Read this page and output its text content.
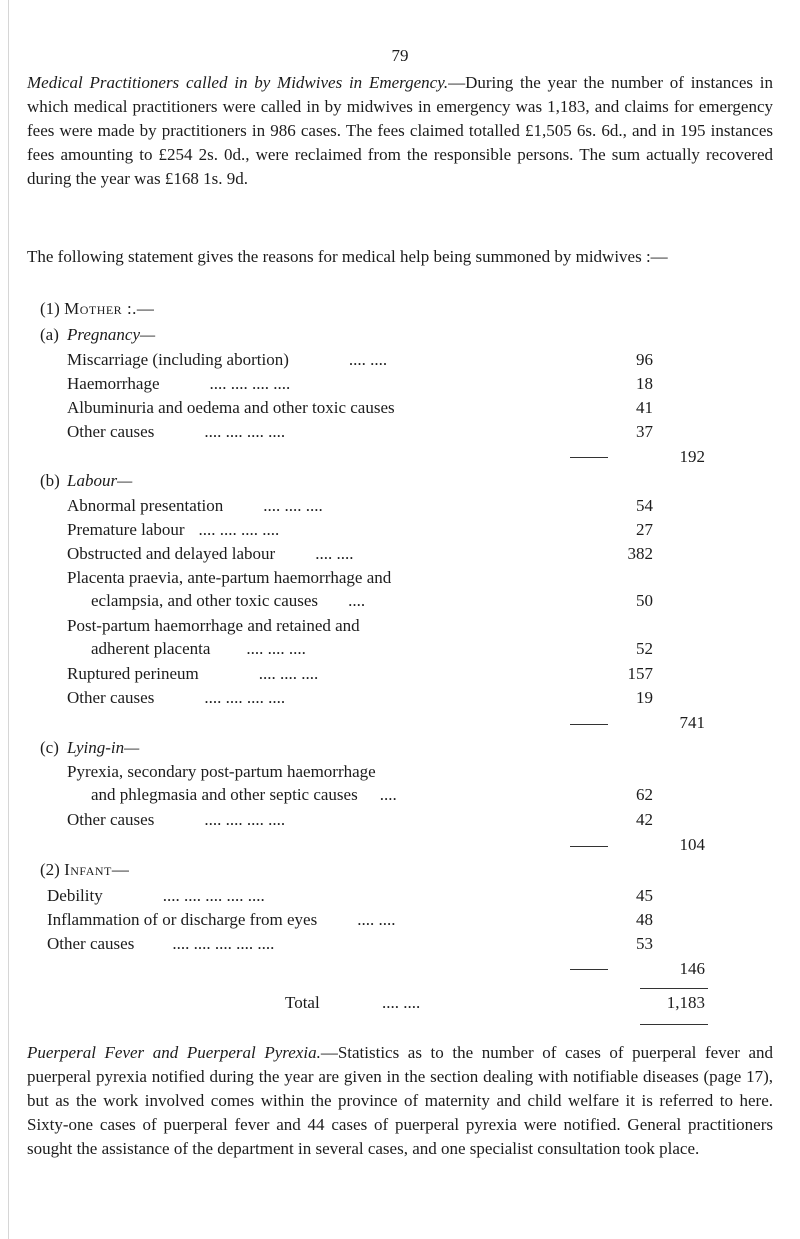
79
Medical Practitioners called in by Midwives in Emergency.—During the year the number of instances in which medical practitioners were called in by midwives in emergency was 1,183, and claims for emergency fees were made by practitioners in 986 cases. The fees claimed totalled £1,505 6s. 6d., and in 195 instances fees amounting to £254 2s. 0d., were reclaimed from the responsible persons. The sum actually recovered during the year was £168 1s. 9d.
The following statement gives the reasons for medical help being summoned by midwives :—
(1) Mother :.—
(a) Pregnancy—
Miscarriage (including abortion)	.... ....	96
Haemorrhage	.... .... .... ....	18
Albuminuria and oedema and other toxic causes	41
Other causes	.... .... .... ....	37
192
(b) Labour—
Abnormal presentation .... .... ....	54
Premature labour .... .... .... ....	27
Obstructed and delayed labour .... ....	382
Placenta praevia, ante-partum haemorrhage and
eclampsia, and other toxic causes ....	50
Post-partum haemorrhage and retained and
adherent placenta .... .... ....	52
Ruptured perineum	.... .... ....	157
Other causes	.... .... .... ....	19
741
(c) Lying-in—
Pyrexia, secondary post-partum haemorrhage
and phlegmasia and other septic causes ....	62
Other causes	.... .... .... ....	42
104
(2) Infant—
Debility	.... .... .... .... ....	45
Inflammation of or discharge from eyes .... ....	48
Other causes .... .... .... .... ....	53
146
Total	.... ....	1,183
Puerperal Fever and Puerperal Pyrexia.—Statistics as to the number of cases of puerperal fever and puerperal pyrexia notified during the year are given in the section dealing with notifiable diseases (page 17), but as the work involved comes within the province of maternity and child welfare it is referred to here. Sixty-one cases of puerperal fever and 44 cases of puerperal pyrexia were notified. General practitioners sought the assistance of the department in several cases, and one specialist consultation took place.
